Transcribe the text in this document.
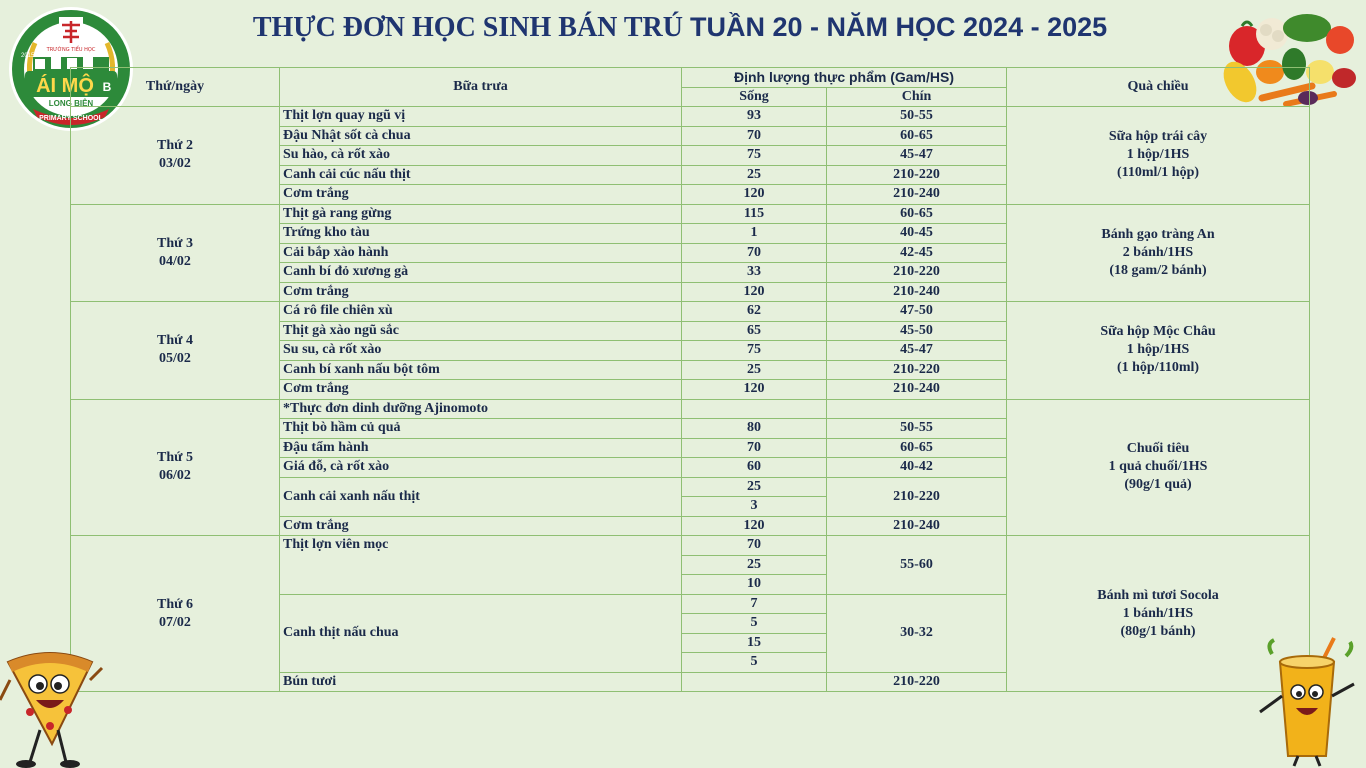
TRƯỜNG TIỂU HỌC
ÁI MỘ B
LONG BIÊN
PRIMARY SCHOOL
2015
THỰC ĐƠN HỌC SINH BÁN TRÚ TUẦN 20 - NĂM HỌC 2024 - 2025
Thứ/ngày	Bữa trưa	Định lượng thực phẩm (Gam/HS)		Quà chiều
		Sống	Chín	
Thứ 2
03/02	Thịt lợn quay ngũ vị	93	50-55	Sữa hộp trái cây
1 hộp/1HS
(110ml/1 hộp)
	Đậu Nhật sốt cà chua	70	60-65	
	Su hào, cà rốt xào	75	45-47	
	Canh cải cúc nấu thịt	25	210-220	
	Cơm trắng	120	210-240	
Thứ 3
04/02	Thịt gà rang gừng	115	60-65	Bánh gạo tràng An
2 bánh/1HS
(18 gam/2 bánh)
	Trứng kho tàu	1	40-45	
	Cải bắp xào hành	70	42-45	
	Canh bí đỏ xương gà	33	210-220	
	Cơm trắng	120	210-240	
Thứ 4
05/02	Cá rô file chiên xù	62	47-50	Sữa hộp Mộc Châu
1 hộp/1HS
(1 hộp/110ml)
	Thịt gà xào ngũ sắc	65	45-50	
	Su su, cà rốt xào	75	45-47	
	Canh bí xanh nấu bột tôm	25	210-220	
	Cơm trắng	120	210-240	
Thứ 5
06/02	*Thực đơn dinh dưỡng Ajinomoto			Chuối tiêu
1 quả chuối/1HS
(90g/1 quả)
	Thịt bò hầm củ quả	80	50-55	
	Đậu tẩm hành	70	60-65	
	Giá đỗ, cà rốt xào	60	40-42	
	Canh cải xanh nấu thịt	25	210-220	
		3		
	Cơm trắng	120	210-240	
Thứ 6
07/02	Thịt lợn viên mọc	70	55-60	Bánh mì tươi Socola
1 bánh/1HS
(80g/1 bánh)
		25		
		10		
	Canh thịt nấu chua	7	30-32	
		5		
		15		
		5		
	Bún tươi		210-220	
